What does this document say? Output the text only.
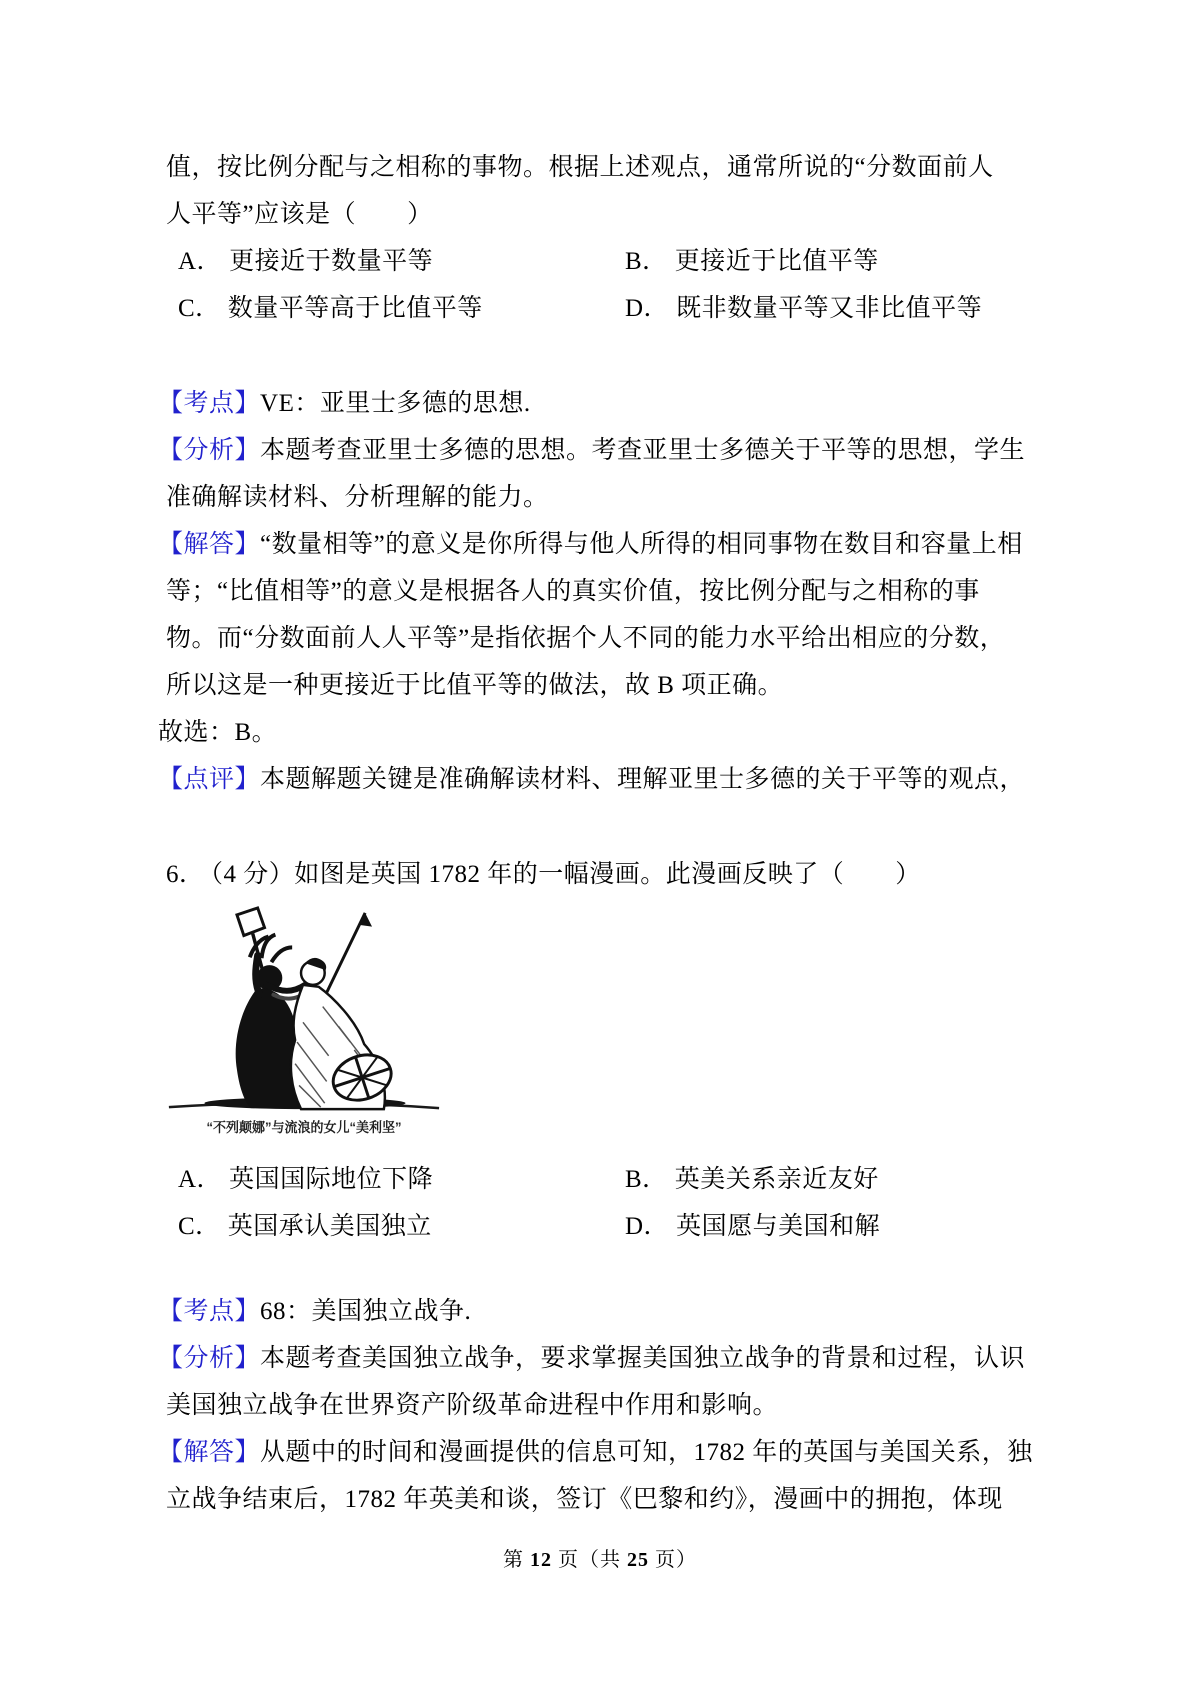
值，按比例分配与之相称的事物。根据上述观点，通常所说的“分数面前人

人平等”应该是（　　）

A． 更接近于数量平等	B． 更接近于比值平等
C． 数量平等高于比值平等	D． 既非数量平等又非比值平等

【考点】VE：亚里士多德的思想.

【分析】本题考查亚里士多德的思想。考查亚里士多德关于平等的思想，学生

准确解读材料、分析理解的能力。

【解答】“数量相等”的意义是你所得与他人所得的相同事物在数目和容量上相

等；“比值相等”的意义是根据各人的真实价值，按比例分配与之相称的事

物。而“分数面前人人平等”是指依据个人不同的能力水平给出相应的分数，

所以这是一种更接近于比值平等的做法，故 B 项正确。

故选：B。

【点评】本题解题关键是准确解读材料、理解亚里士多德的关于平等的观点，

6． （4 分）如图是英国 1782 年的一幅漫画。此漫画反映了（　　）

“不列颠娜”与流浪的女儿“美利坚”
A． 英国国际地位下降	B． 英美关系亲近友好
C． 英国承认美国独立	D． 英国愿与美国和解

【考点】68：美国独立战争.

【分析】本题考查美国独立战争，要求掌握美国独立战争的背景和过程，认识

美国独立战争在世界资产阶级革命进程中作用和影响。

【解答】从题中的时间和漫画提供的信息可知，1782 年的英国与美国关系，独

立战争结束后，1782 年英美和谈，签订《巴黎和约》，漫画中的拥抱，体现

第 12 页（共 25 页）
